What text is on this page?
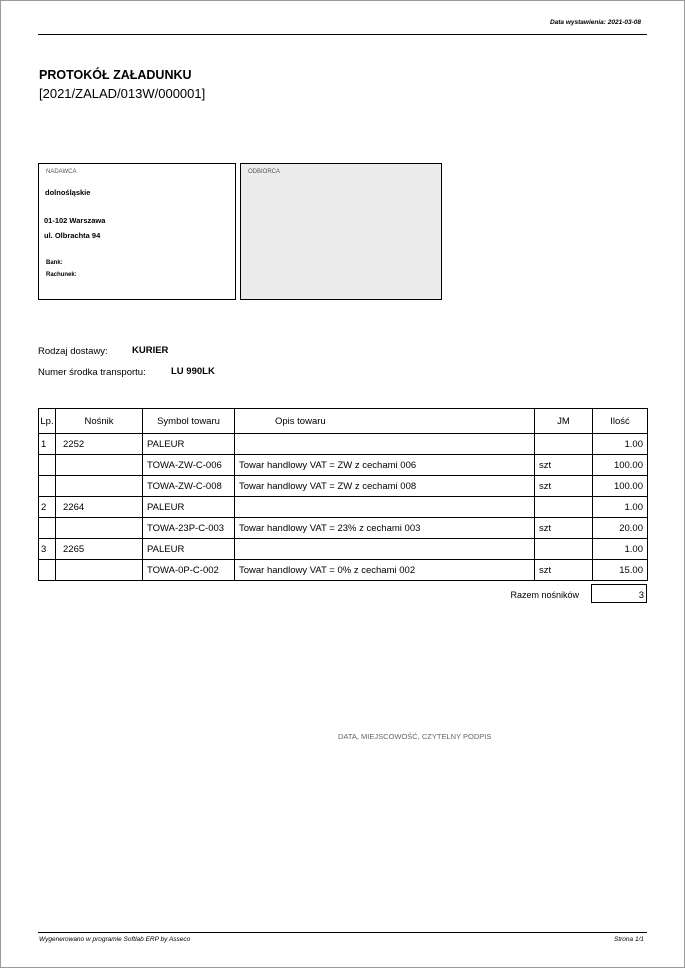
Data wystawienia: 2021-03-08
PROTOKÓŁ ZAŁADUNKU
[2021/ZALAD/013W/000001]
NADAWCA
dolnośląskie
01-102 Warszawa
ul. Olbrachta 94
Bank:
Rachunek:
ODBIORCA
Rodzaj dostawy:	KURIER
Numer środka transportu:	LU 990LK
Lp.	Nośnik	Symbol towaru	Opis towaru	JM	Ilość
1	2252	PALEUR			1.00
		TOWA-ZW-C-006	Towar handlowy VAT = ZW z cechami 006	szt	100.00
		TOWA-ZW-C-008	Towar handlowy VAT = ZW z cechami 008	szt	100.00
2	2264	PALEUR			1.00
		TOWA-23P-C-003	Towar handlowy VAT = 23% z cechami 003	szt	20.00
3	2265	PALEUR			1.00
		TOWA-0P-C-002	Towar handlowy VAT = 0% z cechami 002	szt	15.00
Razem nośników	3
DATA, MIEJSCOWOŚĆ, CZYTELNY PODPIS
Wygenerowano w programie Softlab ERP by Asseco	Strona 1/1
